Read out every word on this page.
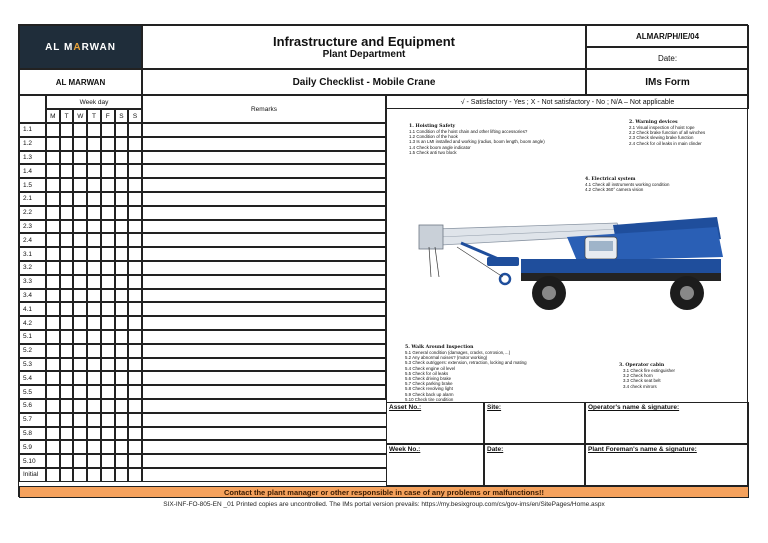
AL M A RWAN	Infrastructure and Equipment
Plant Department
ALMAR/PH/IE/04
Date:
AL MARWAN	Daily Checklist - Mobile Crane	IMs Form
Week day
M	T	W	T	F	S	S
Remarks
√ - Satisfactory - Yes ; X - Not satisfactory - No ; N/A – Not applicable
1.1
1.2
1.3
1.4
1.5
2.1
2.2
2.3
2.4
3.1
3.2
3.3
3.4
4.1
4.2
5.1
5.2
5.3
5.4
5.5
5.6
5.7
5.8
5.9
5.10
Initial
1. Hoisting Safety
1.1 Condition of the hoist chain and other lifting accessories?
1.2 Condition of the hook
1.3 Is an LMI installed and working (radius, boom length, boom angle)
1.4 Check boom angle indicator
1.5 Check anti two block
2. Warning devices
2.1 Visual inspection of hoist rope
2.2 Check brake function of all winches
2.3 Check slewing brake function
2.4 Check for oil leaks in main clinder
4. Electrical system
4.1 Check all instruments working condition
4.2 Check 360° camera vision
5. Walk Around Inspection
5.1 General condition (damages, cracks, corrosion,…)
5.2 Any abnormal noises? (motor working)
5.3 Check outriggers: extension, retraction, locking and mating
5.4 Check engine oil level
5.5 Check for oil leaks
5.6 Check driving brake
5.7 Check parking brake
5.8 Check revolving light
5.9 Check back up alarm
5.10 Check tire condition
3. Operator cabin
3.1 Check fire extinguisher
3.2 Check horn
3.3 Check seat belt
3.4 check mirrors
Asset No.:	Site:	Operator's name & signature:
Week No.:	Date:	Plant Foreman's name & signature:
Contact the plant manager or other responsible in case of any problems or malfunctions!!
SIX-INF-FO-805-EN _01 Printed copies are uncontrolled. The IMs portal version prevails: https://my.besixgroup.com/cs/gov-ims/en/SitePages/Home.aspx
